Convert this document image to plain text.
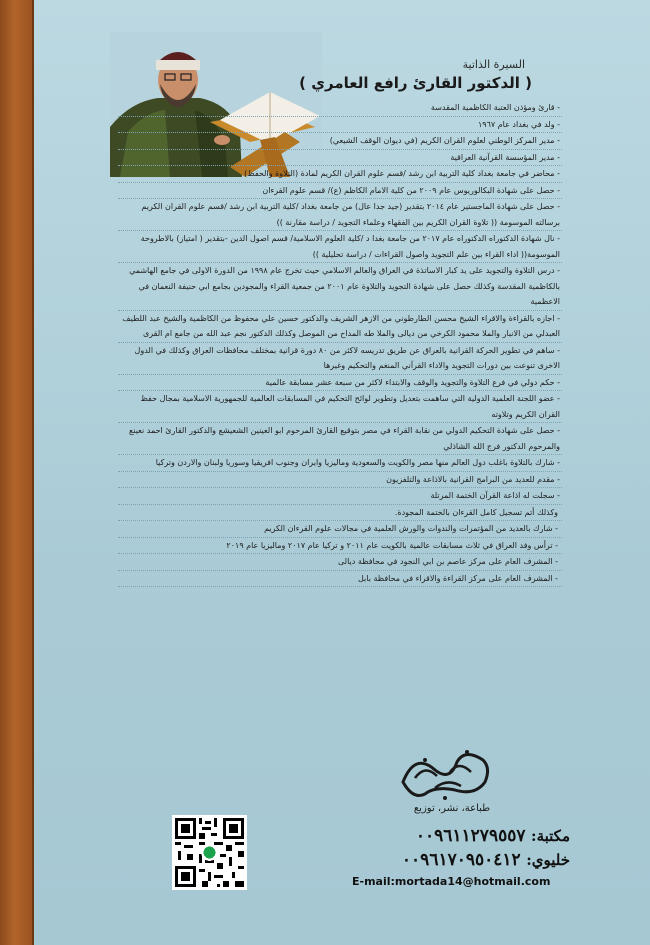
السيرة الذاتية
( الدكتور القارئ رافع العامري )
- قارئ ومؤذن العتبة الكاظمية المقدسة
- ولد في بغداد عام ١٩٦٧
- مدير المركز الوطني لعلوم القران الكريم (في ديوان الوقف الشيعي)
- مدير المؤسسة القرآنية العراقية
- محاضر في جامعة بغداد كلية التربية ابن رشد /قسم علوم القران الكريم لمادة (التلاوة والحفظ)
- حصل على شهادة البكالوريوس عام ٢٠٠٩ من كلية الامام الكاظم (ع)/ قسم علوم القرءان
- حصل على شهادة الماجستير عام ٢٠١٤ بتقدير (جيد جدا عال) من جامعة بغداد /كلية التربية ابن رشد /قسم علوم القران الكريم برسالته الموسومة (( تلاوة القران الكريم بين الفقهاء وعلماء التجويد / دراسة مقارنة ))
- نال شهادة الدكتوراه الدكتوراه عام ٢٠١٧ من جامعة بغدا د /كلية العلوم الاسلامية/ قسم اصول الدين -بتقدير ( امتياز) بالاطروحة الموسومة(( اداء القراء بين علم التجويد واصول القراءات / دراسة تحليلية ))
- درس التلاوة والتجويد على يد كبار الاساتذة في العراق والعالم الاسلامي حيث تخرج عام ١٩٩٨ من الدورة الاولى في جامع الهاشمي بالكاظمية المقدسة وكذلك حصل على شهادة التجويد والتلاوة عام ٢٠٠١ من جمعية القراء والمجودين بجامع ابي حنيفة النعمان في الاعظمية
- اجازه بالقراءة والاقراء الشيخ محسن الطارطوني من الازهر الشريف والدكتور حسين علي محفوظ من الكاظمية والشيخ عبد اللطيف العبدلي من الانبار والملا محمود الكرخي من ديالى والملا طه المداح من الموصل وكذلك الدكتور نجم عبد الله من جامع ام القرى
- ساهم في تطوير الحركة القرانية بالعراق عن طريق تدريسه لاكثر من ٨٠ دورة قرانية بمختلف محافظات العراق وكذلك في الدول الاخرى تنوعت بين دورات التجويد والاداء القرآني المنغم والتحكيم وغيرها
- حكم دولي في فرع التلاوة والتجويد والوقف والابتداء لاكثر من سبعة عشر مسابقة عالمية
- عضو اللجنة العلمية الدولية التي ساهمت بتعديل وتطوير لوائح التحكيم في المسابقات العالمية للجمهورية الاسلامية بمجال حفظ القران الكريم وتلاوته
- حصل على شهادة التحكيم الدولي من نقابة القراء في مصر بتوقيع القارئ المرحوم ابو العينين الشعيشع والدكتور القارئ احمد نعينع والمرحوم الدكتور فرج الله الشاذلي
- شارك بالتلاوة باغلب دول العالم منها مصر والكويت والسعودية وماليزيا وايران وجنوب افريقيا وسوريا ولبنان والاردن وتركيا
- مقدم للعديد من البرامج القرانية بالاذاعة والتلفزيون
- سجلت له اذاعة القرآن الختمة المرتلة
وكذلك أتم تسجيل كامل القرءان بالختمة المجودة.
- شارك بالعديد من المؤتمرات والندوات والورش العلمية في مجالات علوم القرءان الكريم
- ترأس وفد العراق في ثلاث مسابقات عالمية بالكويت عام ٢٠١١ و تركيا عام ٢٠١٧ وماليزيا عام ٢٠١٩
- المشرف العام على مركز عاصم بن ابي النجود في محافظة ديالى
- المشرف العام على مركز القراءة والاقراء في محافظة بابل
طباعة، نشر، توزيع
مكتبة: ٠٠٩٦١١٢٧٩٥٥٧
خليوي: ٠٠٩٦١٧٠٩٥٠٤١٢
E-mail:mortada14@hotmail.com
